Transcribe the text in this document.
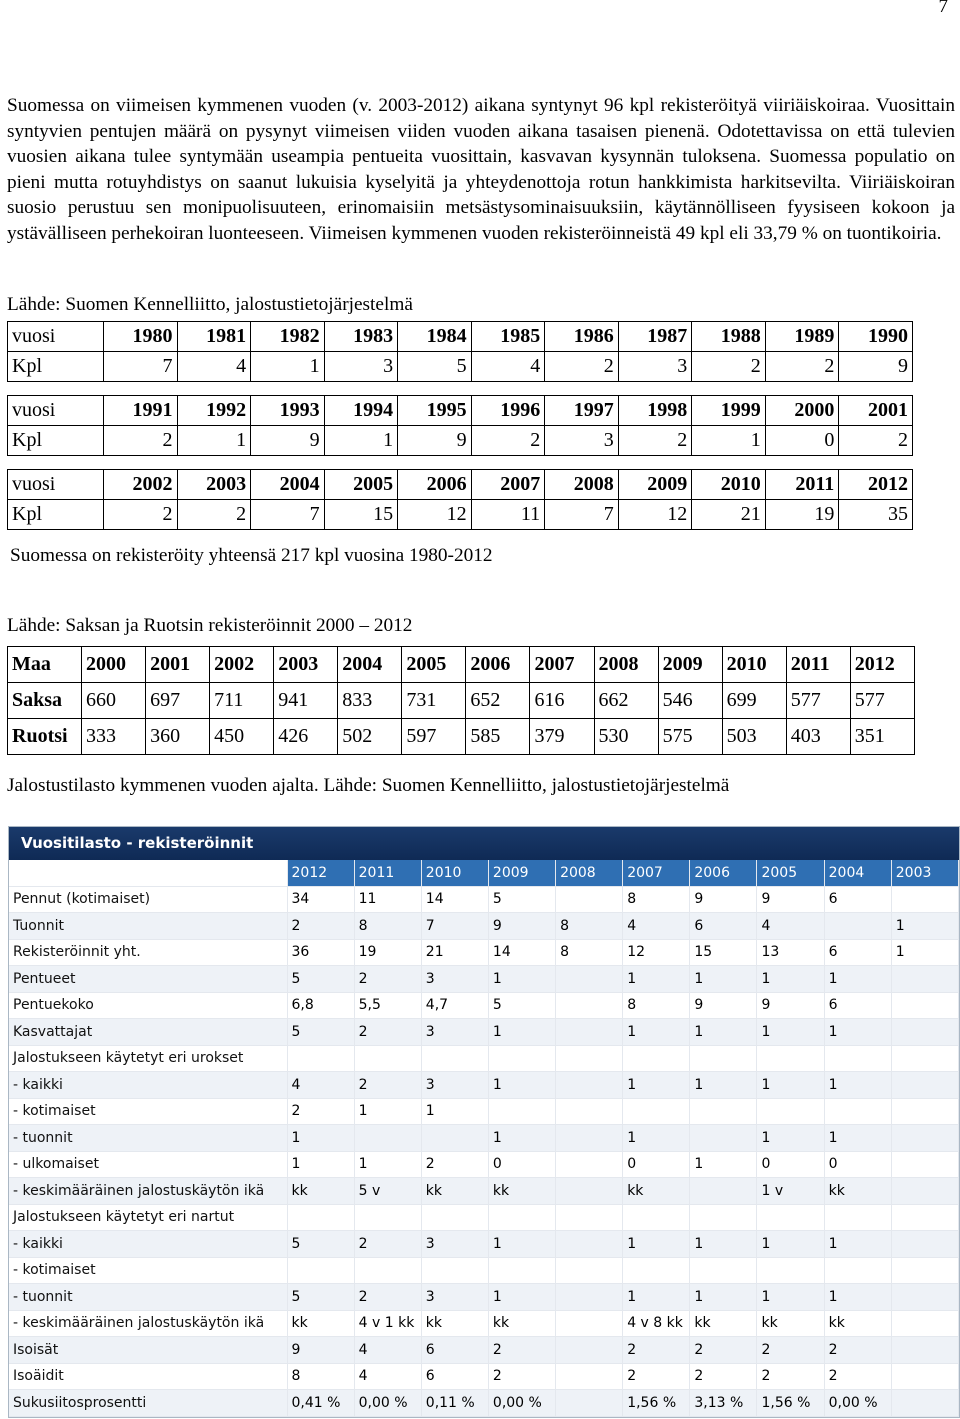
7

Suomessa on viimeisen kymmenen vuoden (v. 2003-2012) aikana syntynyt 96 kpl rekisteröityä viiriäiskoiraa. Vuosittain syntyvien pentujen määrä on pysynyt viimeisen viiden vuoden aikana tasaisen pienenä. Odotettavissa on että tulevien vuosien aikana tulee syntymään useampia pentueita vuosittain, kasvavan kysynnän tuloksena. Suomessa populatio on pieni mutta rotuyhdistys on saanut lukuisia kyselyitä ja yhteydenottoja rotun hankkimista harkitsevilta. Viiriäiskoiran suosio perustuu sen monipuolisuuteen, erinomaisiin metsästysominaisuuksiin, käytännölliseen fyysiseen kokoon ja ystävälliseen perhekoiran luonteeseen. Viimeisen kymmenen vuoden rekisteröinneistä 49 kpl eli 33,79 % on tuontikoiria.

Lähde: Suomen Kennelliitto, jalostustietojärjestelmä

vuosi	1980	1981	1982	1983	1984	1985	1986	1987	1988	1989	1990
Kpl	7	4	1	3	5	4	2	3	2	2	9
vuosi	1991	1992	1993	1994	1995	1996	1997	1998	1999	2000	2001
Kpl	2	1	9	1	9	2	3	2	1	0	2
vuosi	2002	2003	2004	2005	2006	2007	2008	2009	2010	2011	2012
Kpl	2	2	7	15	12	11	7	12	21	19	35

Suomessa on rekisteröity yhteensä 217 kpl vuosina 1980-2012

Lähde: Saksan ja Ruotsin rekisteröinnit 2000 – 2012

Maa	2000	2001	2002	2003	2004	2005	2006	2007	2008	2009	2010	2011	2012
Saksa	660	697	711	941	833	731	652	616	662	546	699	577	577
Ruotsi	333	360	450	426	502	597	585	379	530	575	503	403	351

Jalostustilasto kymmenen vuoden ajalta. Lähde: Suomen Kennelliitto, jalostustietojärjestelmä

Vuositilasto - rekisteröinnit
	2012	2011	2010	2009	2008	2007	2006	2005	2004	2003
Pennut (kotimaiset)	34	11	14	5		8	9	9	6	
Tuonnit	2	8	7	9	8	4	6	4		1
Rekisteröinnit yht.	36	19	21	14	8	12	15	13	6	1
Pentueet	5	2	3	1		1	1	1	1	
Pentuekoko	6,8	5,5	4,7	5		8	9	9	6	
Kasvattajat	5	2	3	1		1	1	1	1	
Jalostukseen käytetyt eri urokset										
- kaikki	4	2	3	1		1	1	1	1	
- kotimaiset	2	1	1							
- tuonnit	1			1		1		1	1	
- ulkomaiset	1	1	2	0		0	1	0	0	
- keskimääräinen jalostuskäytön ikä	kk	5 v	kk	kk		kk		1 v	kk	
Jalostukseen käytetyt eri nartut										
- kaikki	5	2	3	1		1	1	1	1	
- kotimaiset										
- tuonnit	5	2	3	1		1	1	1	1	
- keskimääräinen jalostuskäytön ikä	kk	4 v 1 kk	kk	kk		4 v 8 kk	kk	kk	kk	
Isoisät	9	4	6	2		2	2	2	2	
Isoäidit	8	4	6	2		2	2	2	2	
Sukusiitosprosentti	0,41 %	0,00 %	0,11 %	0,00 %		1,56 %	3,13 %	1,56 %	0,00 %	
